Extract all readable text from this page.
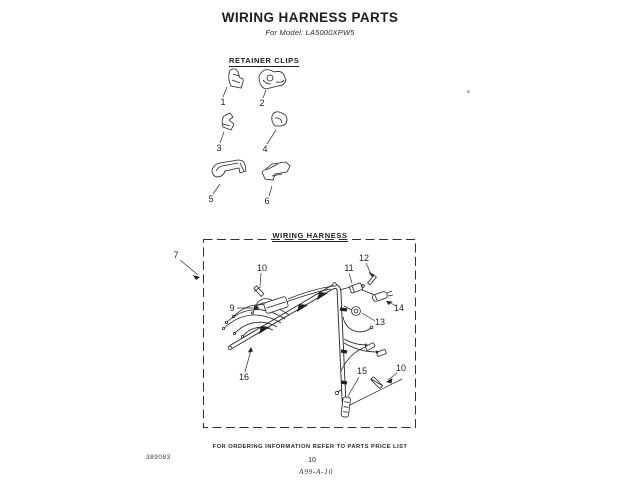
WIRING HARNESS PARTS
For Model: LA5000XPW5
RETAINER CLIPS
1	2
3	4
5	6
WIRING HARNESS
7
9
10	11
12
14
13
15	10
16
FOR ORDERING INFORMATION REFER TO PARTS PRICE LIST
10
A99-A-10
389083
